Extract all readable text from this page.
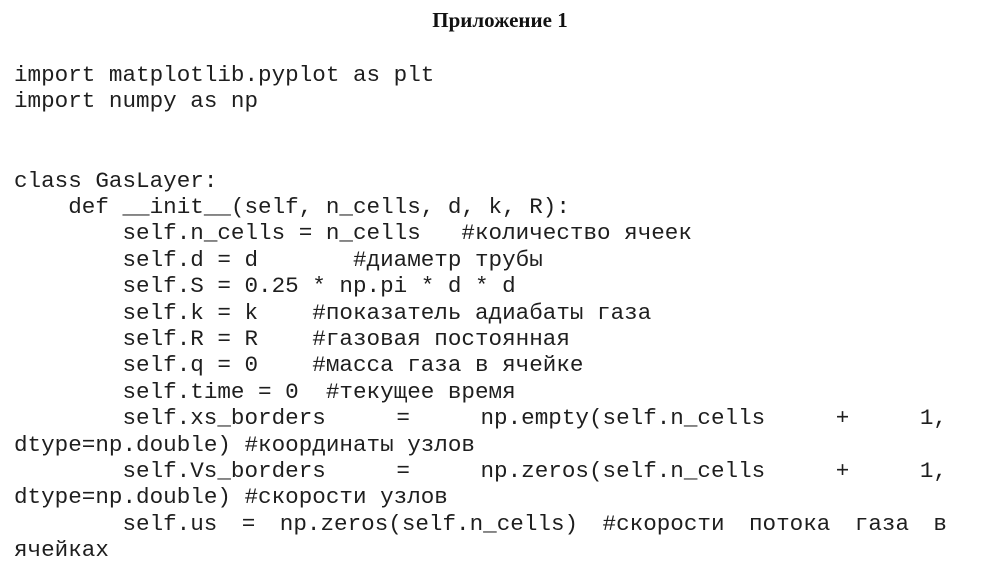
Приложение 1
import matplotlib.pyplot as plt
import numpy as np
class GasLayer:
def __init__(self, n_cells, d, k, R):
self.n_cells = n_cells   #количество ячеек
self.d = d       #диаметр трубы
self.S = 0.25 * np.pi * d * d
self.k = k    #показатель адиабаты газа
self.R = R    #газовая постоянная
self.q = 0    #масса газа в ячейке
self.time = 0  #текущее время
self.xs_borders = np.empty(self.n_cells + 1,
dtype=np.double) #координаты узлов
self.Vs_borders = np.zeros(self.n_cells + 1,
dtype=np.double) #скорости узлов
self.us = np.zeros(self.n_cells) #скорости потока газа в
ячейках
